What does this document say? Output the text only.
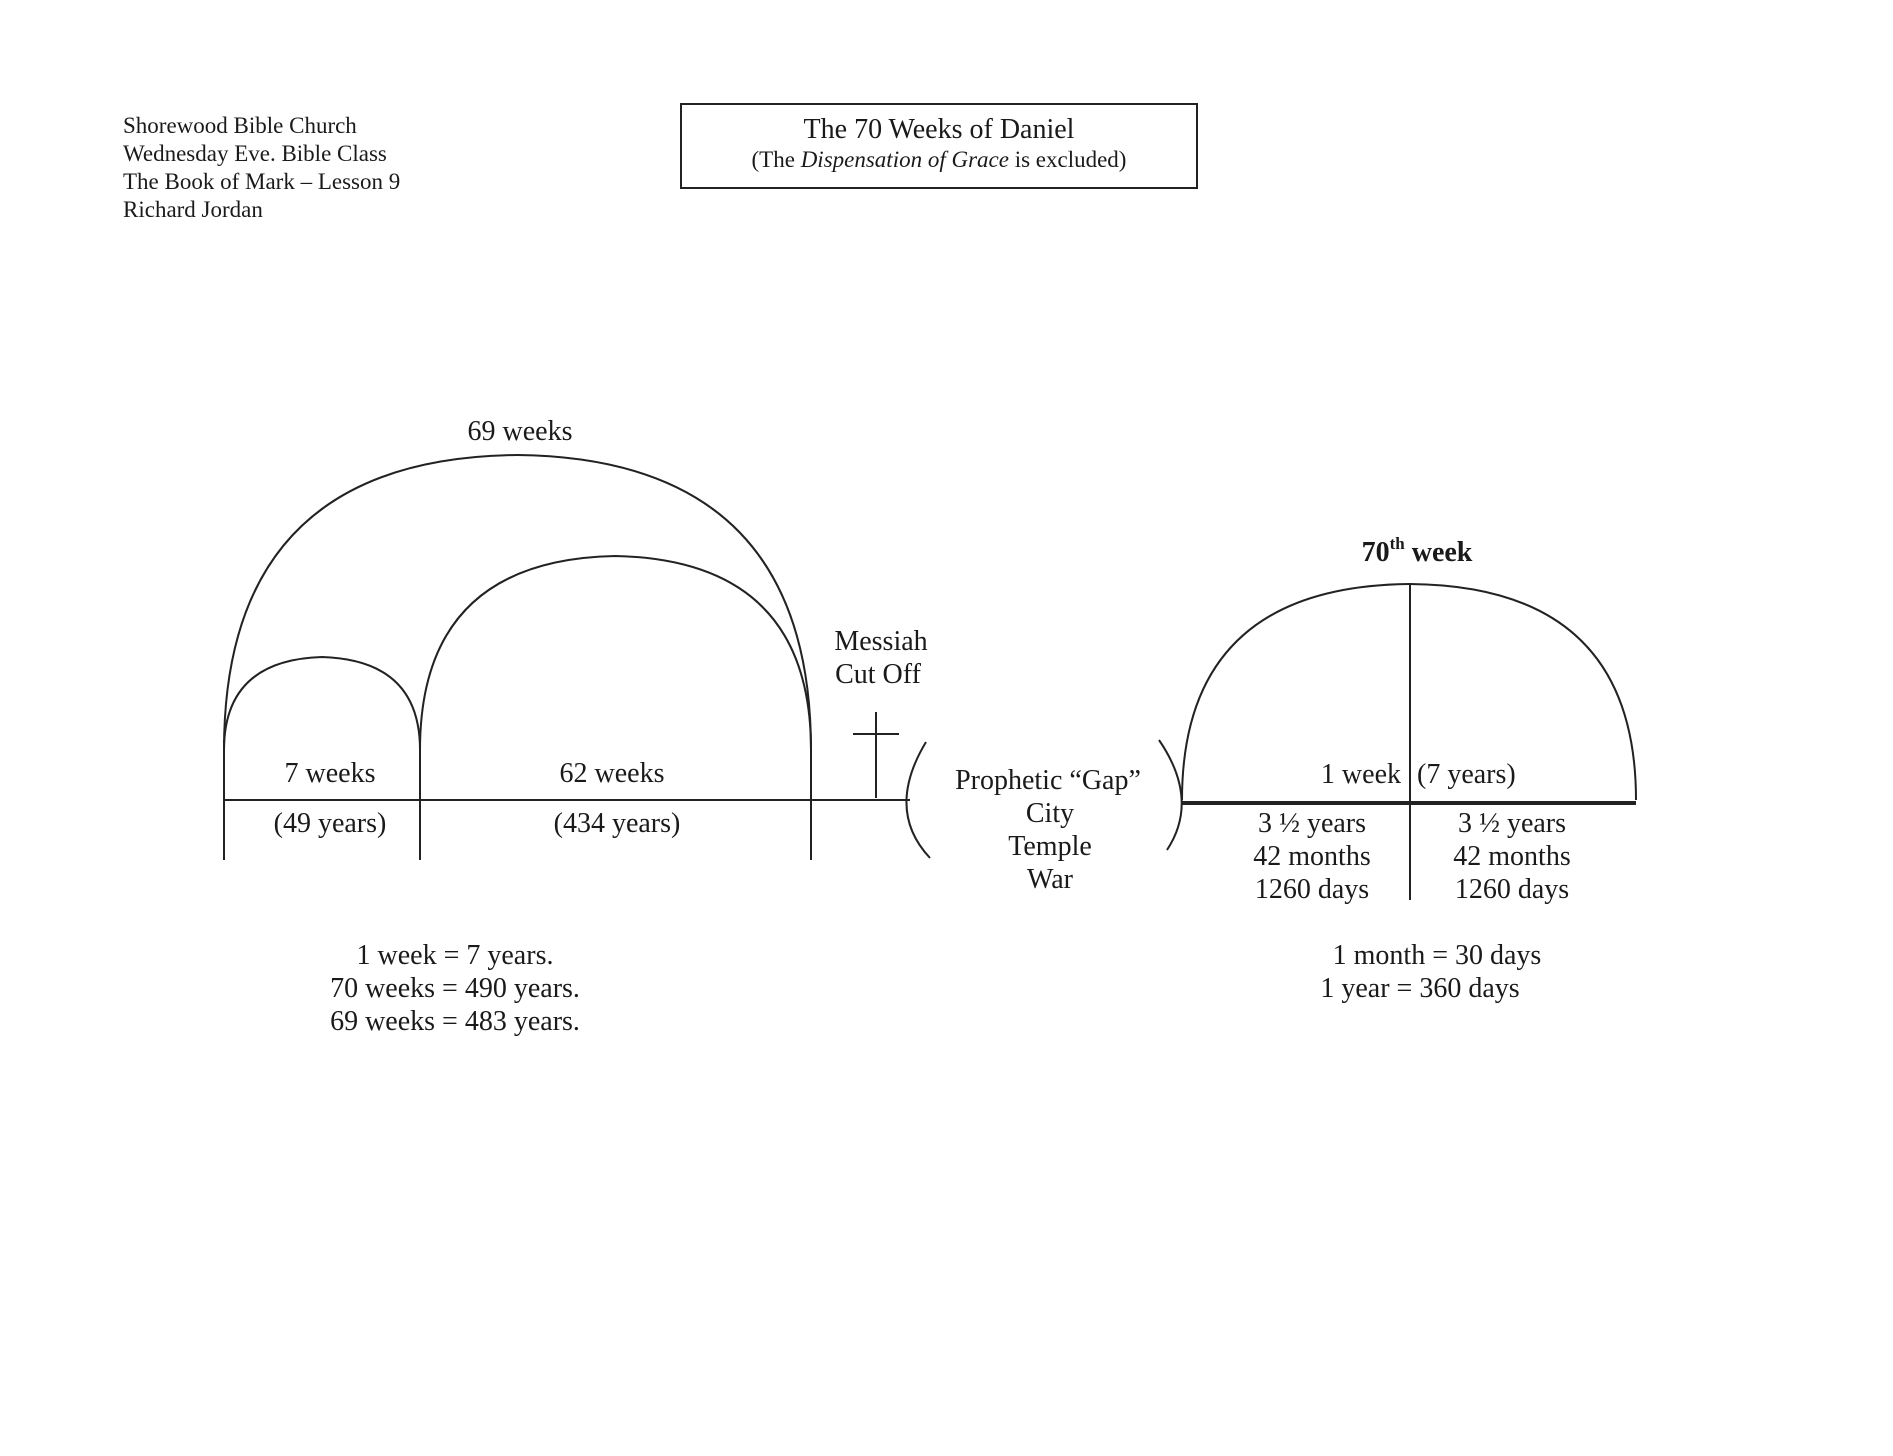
Shorewood Bible Church
Wednesday Eve. Bible Class
The Book of Mark – Lesson 9
Richard Jordan
The 70 Weeks of Daniel
(The Dispensation of Grace is excluded)
69 weeks
7 weeks	62 weeks
(49 years)	(434 years)
Messiah
Cut Off
Prophetic “Gap”
City
Temple
War
70th week
1 week (7 years)
3 ½ years
42 months
1260 days
3 ½ years
42 months
1260 days
1 week = 7 years.
70 weeks = 490 years.
69 weeks = 483 years.
1 month = 30 days
1 year = 360 days
